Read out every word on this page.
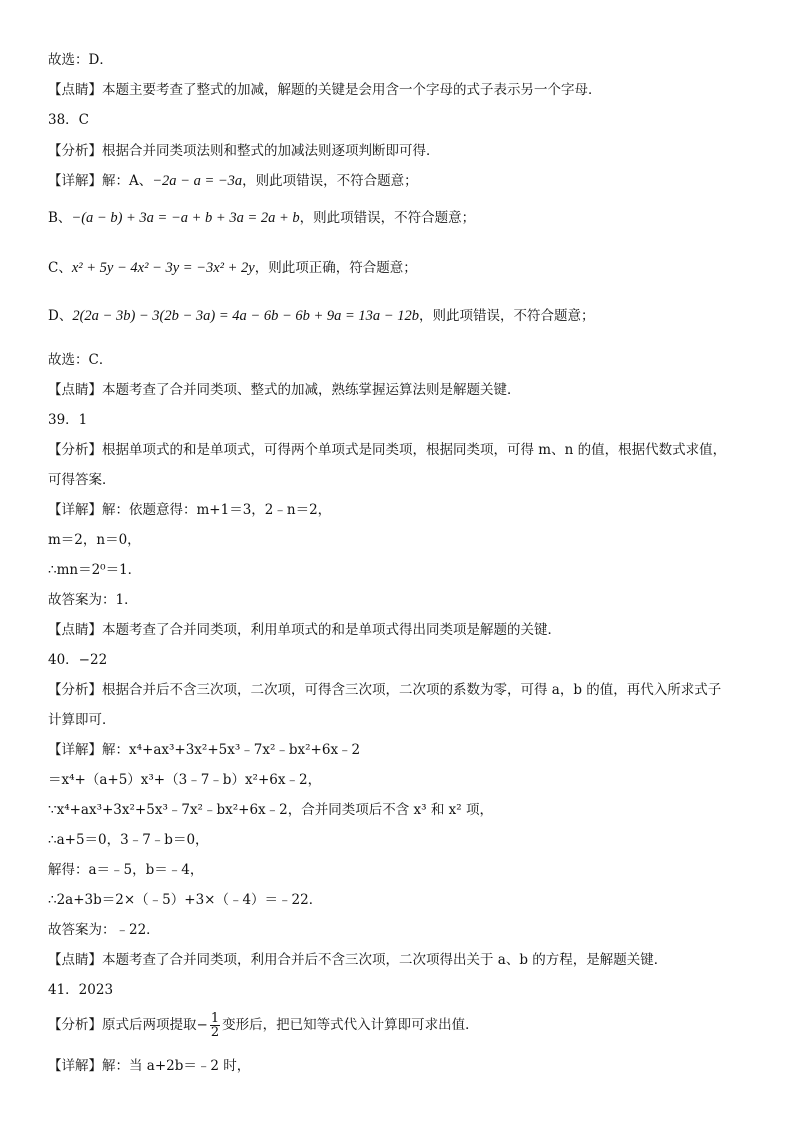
故选：D．
【点睛】本题主要考查了整式的加减，解题的关键是会用含一个字母的式子表示另一个字母．
38．C
【分析】根据合并同类项法则和整式的加减法则逐项判断即可得．
【详解】解：A、−2a − a = −3a，则此项错误，不符合题意；
B、−(a − b) + 3a = −a + b + 3a = 2a + b，则此项错误，不符合题意；
C、x² + 5y − 4x² − 3y = −3x² + 2y，则此项正确，符合题意；
D、2(2a − 3b) − 3(2b − 3a) = 4a − 6b − 6b + 9a = 13a − 12b，则此项错误，不符合题意；
故选：C．
【点睛】本题考查了合并同类项、整式的加减，熟练掌握运算法则是解题关键．
39．1
【分析】根据单项式的和是单项式，可得两个单项式是同类项，根据同类项，可得 m、n 的值，根据代数式求值，
可得答案．
【详解】解：依题意得：m+1＝3，2﹣n＝2，
m＝2，n＝0，
∴mn＝2⁰＝1．
故答案为：1．
【点睛】本题考查了合并同类项，利用单项式的和是单项式得出同类项是解题的关键．
40．−22
【分析】根据合并后不含三次项，二次项，可得含三次项，二次项的系数为零，可得 a，b 的值，再代入所求式子
计算即可．
【详解】解：x⁴+ax³+3x²+5x³﹣7x²﹣bx²+6x﹣2
＝x⁴+（a+5）x³+（3﹣7﹣b）x²+6x﹣2，
∵x⁴+ax³+3x²+5x³﹣7x²﹣bx²+6x﹣2，合并同类项后不含 x³ 和 x² 项，
∴a+5＝0，3﹣7﹣b＝0，
解得：a＝﹣5，b＝﹣4，
∴2a+3b＝2×（﹣5）+3×（﹣4）＝﹣22．
故答案为：﹣22．
【点睛】本题考查了合并同类项，利用合并后不含三次项，二次项得出关于 a、b 的方程，是解题关键．
41．2023
【分析】原式后两项提取− $\frac{1}{2}$ 变形后，把已知等式代入计算即可求出值．
【详解】解：当 a+2b＝﹣2 时，
